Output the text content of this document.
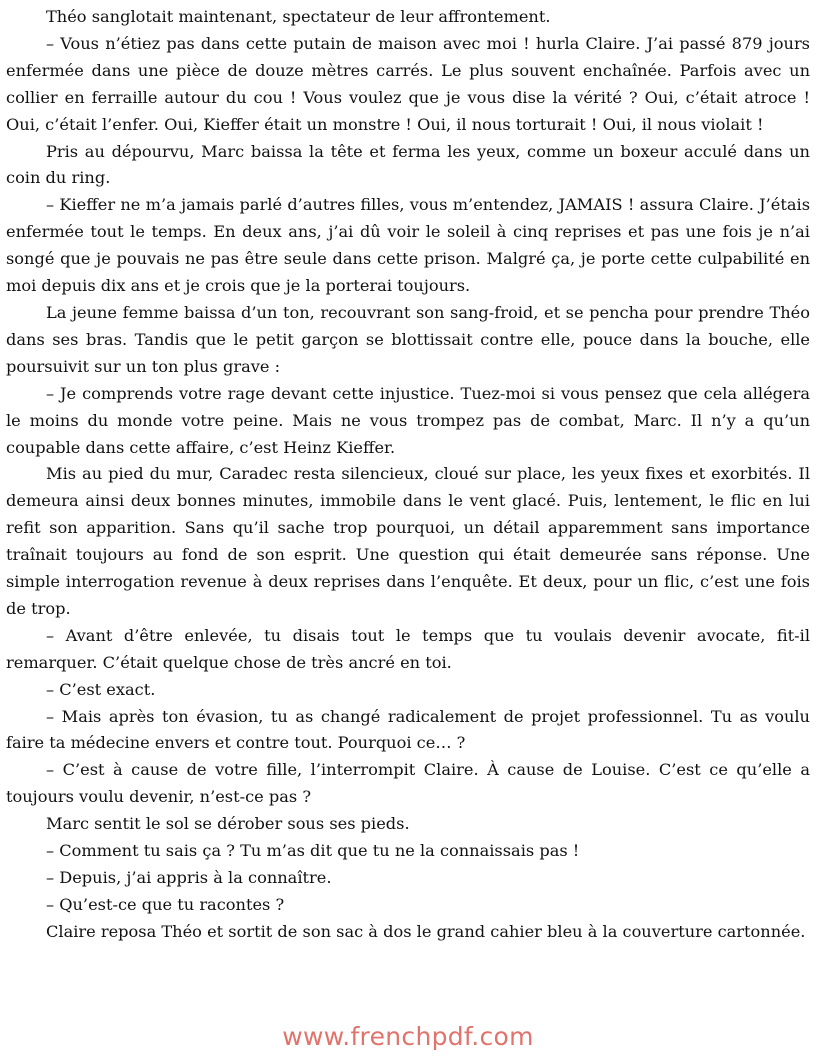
Théo sanglotait maintenant, spectateur de leur affrontement.

– Vous n’étiez pas dans cette putain de maison avec moi ! hurla Claire. J’ai passé 879 jours enfermée dans une pièce de douze mètres carrés. Le plus souvent enchaînée. Parfois avec un collier en ferraille autour du cou ! Vous voulez que je vous dise la vérité ? Oui, c’était atroce ! Oui, c’était l’enfer. Oui, Kieffer était un monstre ! Oui, il nous torturait ! Oui, il nous violait !

Pris au dépourvu, Marc baissa la tête et ferma les yeux, comme un boxeur acculé dans un coin du ring.

– Kieffer ne m’a jamais parlé d’autres filles, vous m’entendez, JAMAIS ! assura Claire. J’étais enfermée tout le temps. En deux ans, j’ai dû voir le soleil à cinq reprises et pas une fois je n’ai songé que je pouvais ne pas être seule dans cette prison. Malgré ça, je porte cette culpabilité en moi depuis dix ans et je crois que je la porterai toujours.

La jeune femme baissa d’un ton, recouvrant son sang-froid, et se pencha pour prendre Théo dans ses bras. Tandis que le petit garçon se blottissait contre elle, pouce dans la bouche, elle poursuivit sur un ton plus grave :

– Je comprends votre rage devant cette injustice. Tuez-moi si vous pensez que cela allégera le moins du monde votre peine. Mais ne vous trompez pas de combat, Marc. Il n’y a qu’un coupable dans cette affaire, c’est Heinz Kieffer.

Mis au pied du mur, Caradec resta silencieux, cloué sur place, les yeux fixes et exorbités. Il demeura ainsi deux bonnes minutes, immobile dans le vent glacé. Puis, lentement, le flic en lui refit son apparition. Sans qu’il sache trop pourquoi, un détail apparemment sans importance traînait toujours au fond de son esprit. Une question qui était demeurée sans réponse. Une simple interrogation revenue à deux reprises dans l’enquête. Et deux, pour un flic, c’est une fois de trop.

– Avant d’être enlevée, tu disais tout le temps que tu voulais devenir avocate, fit-il remarquer. C’était quelque chose de très ancré en toi.

– C’est exact.

– Mais après ton évasion, tu as changé radicalement de projet professionnel. Tu as voulu faire ta médecine envers et contre tout. Pourquoi ce… ?

– C’est à cause de votre fille, l’interrompit Claire. À cause de Louise. C’est ce qu’elle a toujours voulu devenir, n’est-ce pas ?

Marc sentit le sol se dérober sous ses pieds.

– Comment tu sais ça ? Tu m’as dit que tu ne la connaissais pas !

– Depuis, j’ai appris à la connaître.

– Qu’est-ce que tu racontes ?

Claire reposa Théo et sortit de son sac à dos le grand cahier bleu à la couverture cartonnée.

www.frenchpdf.com
